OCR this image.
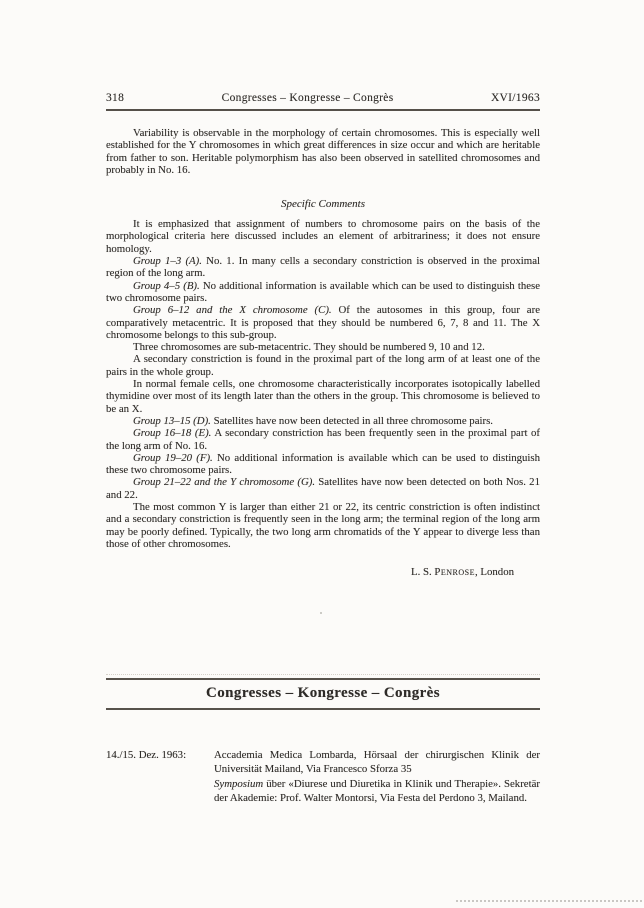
318	Congresses – Kongresse – Congrès	XVI/1963

Variability is observable in the morphology of certain chromosomes. This is especially well established for the Y chromosomes in which great differences in size occur and which are heritable from father to son. Heritable polymorphism has also been observed in satellited chromosomes and probably in No. 16.

Specific Comments

It is emphasized that assignment of numbers to chromosome pairs on the basis of the morphological criteria here discussed includes an element of arbitrariness; it does not ensure homology.

Group 1–3 (A). No. 1. In many cells a secondary constriction is observed in the proximal region of the long arm.

Group 4–5 (B). No additional information is available which can be used to distinguish these two chromosome pairs.

Group 6–12 and the X chromosome (C). Of the autosomes in this group, four are comparatively metacentric. It is proposed that they should be numbered 6, 7, 8 and 11. The X chromosome belongs to this sub-group.

Three chromosomes are sub-metacentric. They should be numbered 9, 10 and 12.

A secondary constriction is found in the proximal part of the long arm of at least one of the pairs in the whole group.

In normal female cells, one chromosome characteristically incorporates isotopically labelled thymidine over most of its length later than the others in the group. This chromosome is believed to be an X.

Group 13–15 (D). Satellites have now been detected in all three chromosome pairs.

Group 16–18 (E). A secondary constriction has been frequently seen in the proximal part of the long arm of No. 16.

Group 19–20 (F). No additional information is available which can be used to distinguish these two chromosome pairs.

Group 21–22 and the Y chromosome (G). Satellites have now been detected on both Nos. 21 and 22.

The most common Y is larger than either 21 or 22, its centric constriction is often indistinct and a secondary constriction is frequently seen in the long arm; the terminal region of the long arm may be poorly defined. Typically, the two long arm chromatids of the Y appear to diverge less than those of other chromosomes.

L. S. Penrose, London

Congresses – Kongresse – Congrès
14./15. Dez. 1963:	Accademia Medica Lombarda, Hörsaal der chirurgischen Klinik der Universität Mailand, Via Francesco Sforza 35

Symposium über «Diurese und Diuretika in Klinik und Therapie». Sekretär der Akademie: Prof. Walter Montorsi, Via Festa del Perdono 3, Mailand.
